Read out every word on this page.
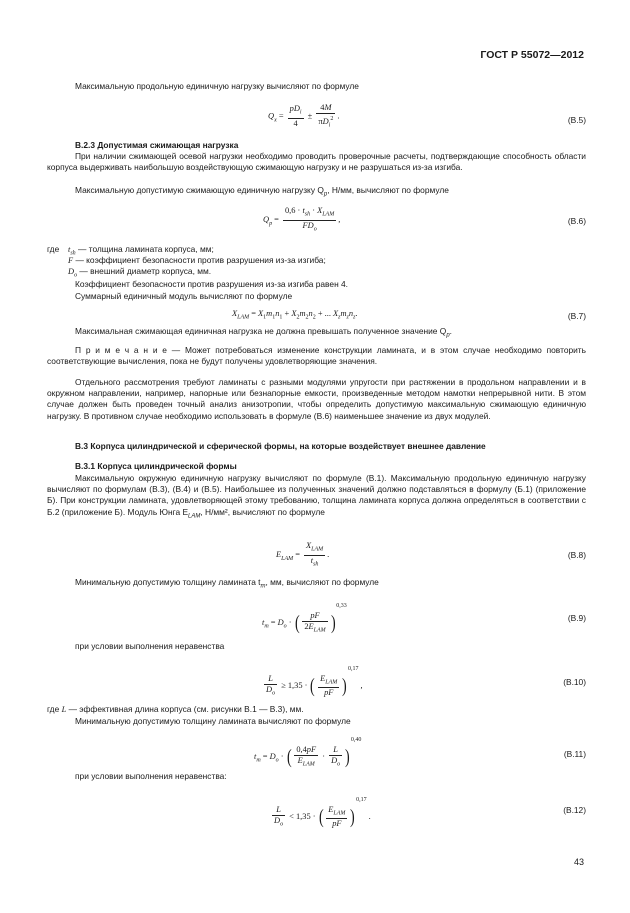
ГОСТ Р 55072—2012
Максимальную продольную единичную нагрузку вычисляют по формуле
$Q_x = \frac{pD_i}{4} \pm \frac{4M}{\pi D_i^2}$ .	(В.5)
В.2.3 Допустимая сжимающая нагрузка
При наличии сжимающей осевой нагрузки необходимо проводить проверочные расчеты, подтверждающие способность области корпуса выдерживать наибольшую воздействующую сжимающую нагрузку и не разрушаться из-за изгиба.
Максимальную допустимую сжимающую единичную нагрузку $Q_p$, Н/мм, вычисляют по формуле
$Q_p = \frac{0,6 \cdot t_{sh} \cdot X_{LAM}}{FD_o}$ ,	(В.6)
где $t_{sh}$ — толщина ламината корпуса, мм;
F — коэффициент безопасности против разрушения из-за изгиба;
$D_o$ — внешний диаметр корпуса, мм.
Коэффициент безопасности против разрушения из-за изгиба равен 4.
Суммарный единичный модуль вычисляют по формуле
$X_{LAM} = X_1m_1n_1 + X_2m_2n_2$ + ... $X_zm_zn_z$.	(В.7)
Максимальная сжимающая единичная нагрузка не должна превышать полученное значение $Q_p$.
П р и м е ч а н и е — Может потребоваться изменение конструкции ламината, и в этом случае необходимо повторить соответствующие вычисления, пока не будут получены удовлетворяющие значения.
Отдельного рассмотрения требуют ламинаты с разными модулями упругости при растяжении в продольном направлении и в окружном направлении, например, напорные или безнапорные емкости, произведенные методом намотки непрерывной нити. В этом случае должен быть проведен точный анализ анизотропии, чтобы определить допустимую максимальную сжимающую единичную нагрузку. В противном случае необходимо использовать в формуле (В.6) наименьшее значение из двух модулей.
В.3 Корпуса цилиндрической и сферической формы, на которые воздействует внешнее давление
В.3.1 Корпуса цилиндрической формы
Максимальную окружную единичную нагрузку вычисляют по формуле (В.1). Максимальную продольную единичную нагрузку вычисляют по формулам (В.3), (В.4) и (В.5). Наибольшее из полученных значений должно подставляться в формулу (Б.1) (приложение Б). При конструкции ламината, удовлетворяющей этому требованию, толщина ламината корпуса должна определяться в соответствии с Б.2 (приложение Б). Модуль Юнга $E_{LAM}$, Н/мм², вычисляют по формуле
$E_{LAM} = \frac{X_{LAM}}{t_{sh}}$ .	(В.8)
Минимальную допустимую толщину ламината $t_m$, мм, вычисляют по формуле
$t_m = D_o$ · ( $\frac{pF}{2E_{LAM}} )^{0,33}$
(В.9)
при условии выполнения неравенства
$\frac{L}{D_o} \ge 1,35$ · ( $\frac{E_{LAM}}{pF} )^{0,17}$ ,	(В.10)
где L — эффективная длина корпуса (см. рисунки В.1 — В.3), мм.
Минимальную допустимую толщину ламината вычисляют по формуле
$t_m = D_o$ · ( $\frac{0,4pF}{E_{LAM}} \cdot \frac{L}{D_o} )^{0,40}$
(В.11)
при условии выполнения неравенства:
$\frac{L}{D_o} < 1,35$ · ( $\frac{E_{LAM}}{pF} )^{0,17}$ .
(В.12)
43
